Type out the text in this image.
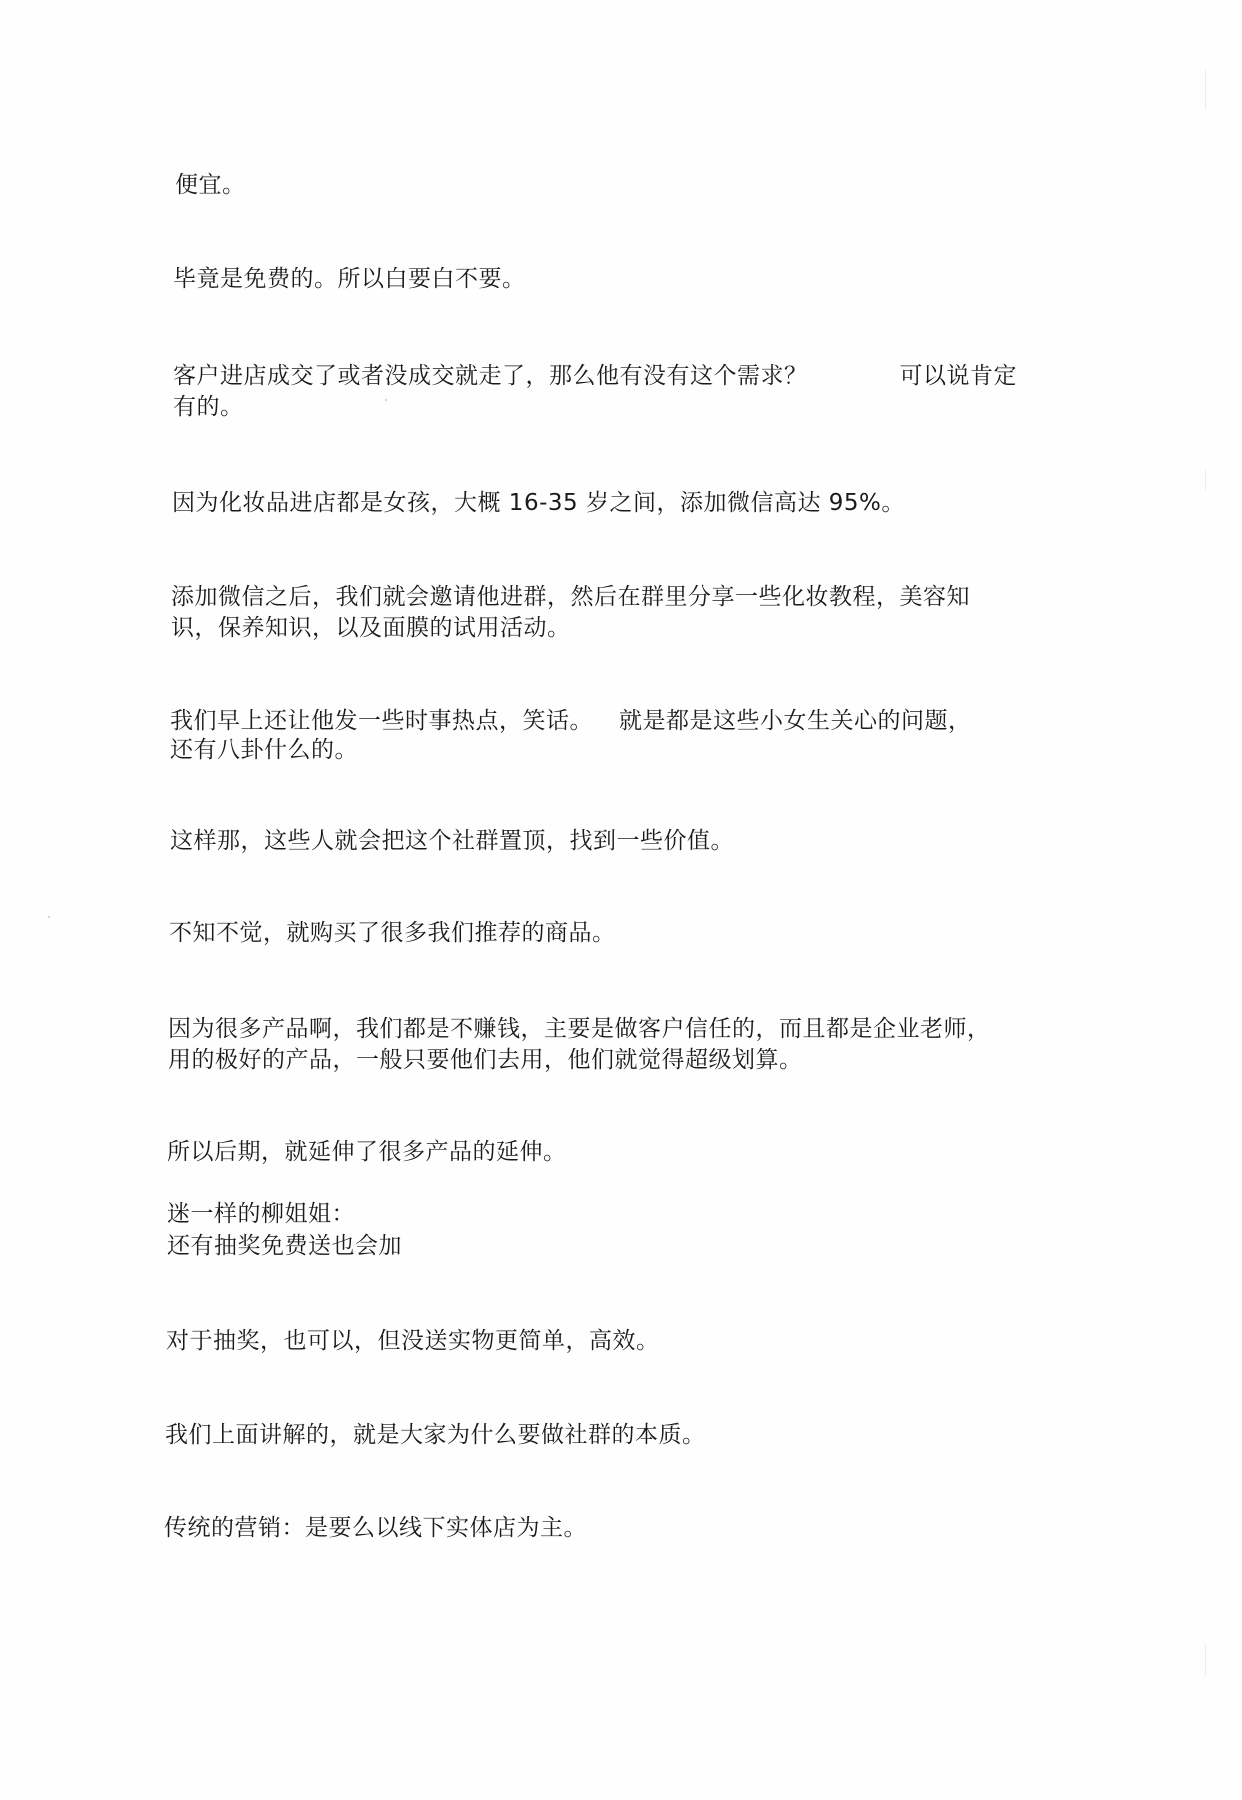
便宜。
毕竟是免费的。所以白要白不要。
客户进店成交了或者没成交就走了，那么他有没有这个需求？	可以说肯定
有的。
因为化妆品进店都是女孩，大概 16-35 岁之间，添加微信高达 95%。
添加微信之后，我们就会邀请他进群，然后在群里分享一些化妆教程，美容知
识，保养知识，以及面膜的试用活动。
我们早上还让他发一些时事热点，笑话。 就是都是这些小女生关心的问题，
还有八卦什么的。
这样那，这些人就会把这个社群置顶，找到一些价值。
不知不觉，就购买了很多我们推荐的商品。
因为很多产品啊，我们都是不赚钱，主要是做客户信任的，而且都是企业老师，
用的极好的产品，一般只要他们去用，他们就觉得超级划算。
所以后期，就延伸了很多产品的延伸。
迷一样的柳姐姐：
还有抽奖免费送也会加
对于抽奖，也可以，但没送实物更简单，高效。
我们上面讲解的，就是大家为什么要做社群的本质。
传统的营销：是要么以线下实体店为主。
